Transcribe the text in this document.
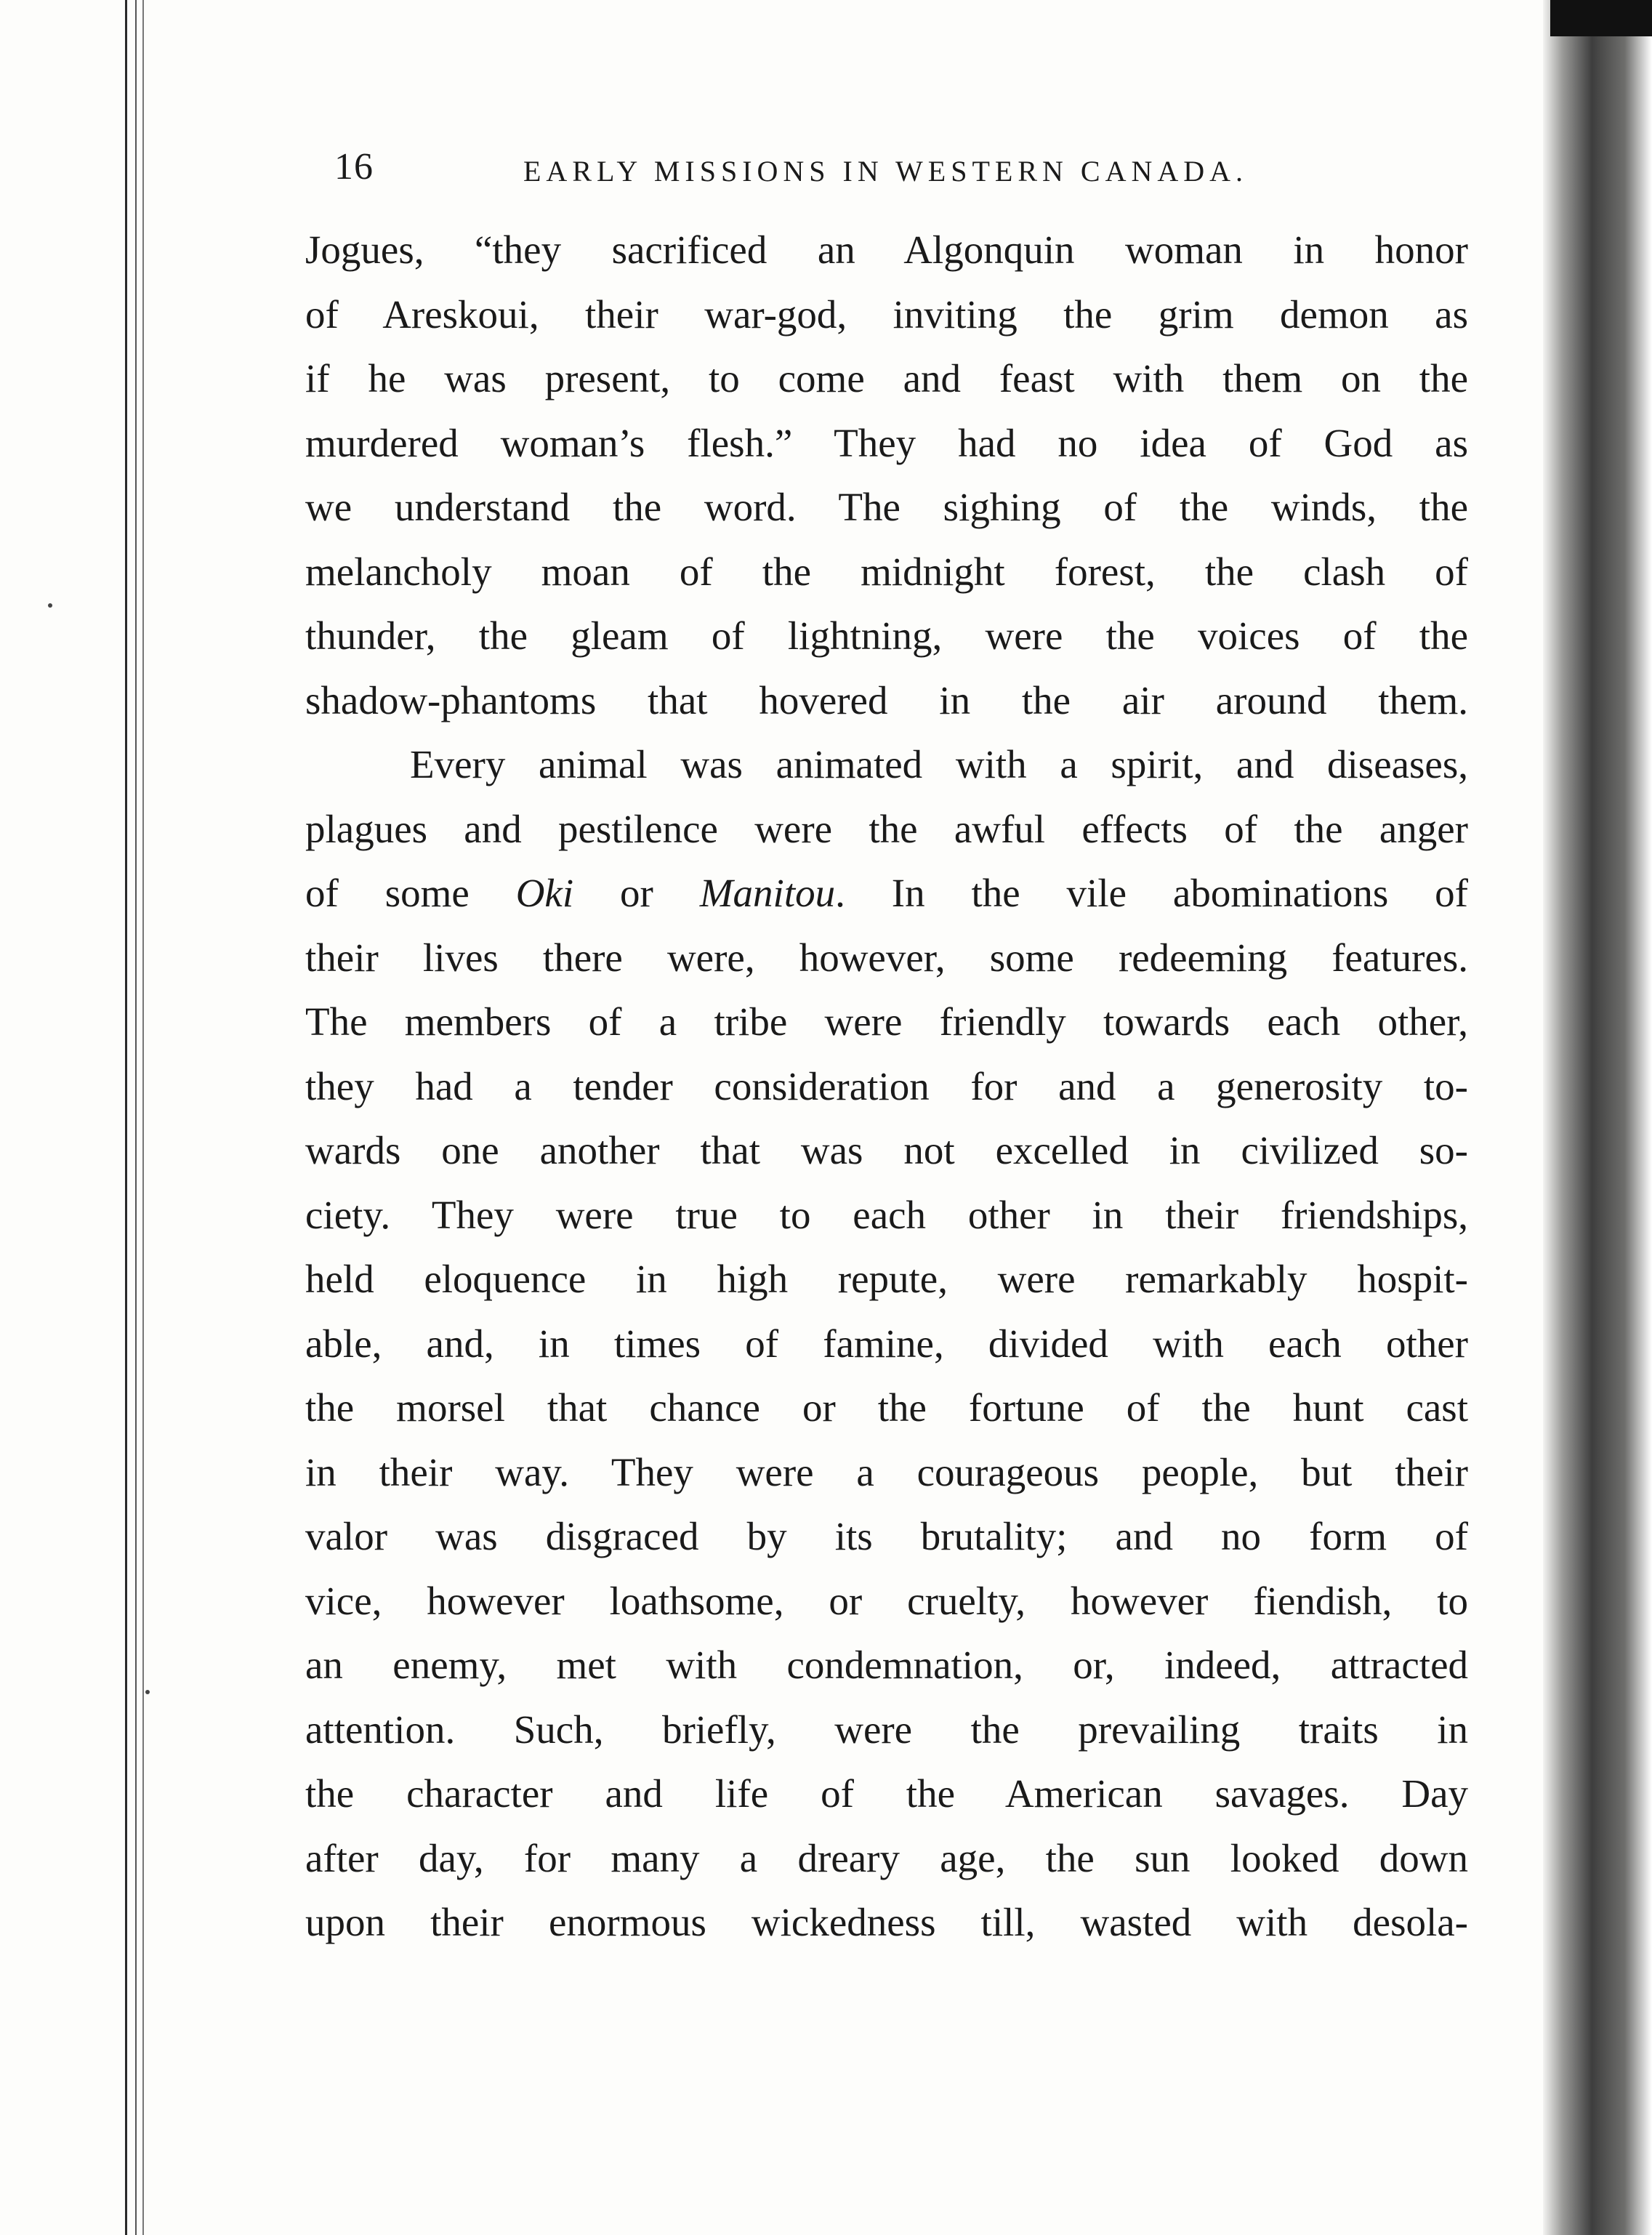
16	EARLY MISSIONS IN WESTERN CANADA.

Jogues, “they sacrificed an Algonquin woman in honor
of Areskoui, their war-god, inviting the grim demon as
if he was present, to come and feast with them on the
murdered woman’s flesh.” They had no idea of God as
we understand the word. The sighing of the winds, the
melancholy moan of the midnight forest, the clash of
thunder, the gleam of lightning, were the voices of the
shadow-phantoms that hovered in the air around them.

Every animal was animated with a spirit, and diseases,
plagues and pestilence were the awful effects of the anger
of some Oki or Manitou. In the vile abominations of
their lives there were, however, some redeeming features.
The members of a tribe were friendly towards each other,
they had a tender consideration for and a generosity to-
wards one another that was not excelled in civilized so-
ciety. They were true to each other in their friendships,
held eloquence in high repute, were remarkably hospit-
able, and, in times of famine, divided with each other
the morsel that chance or the fortune of the hunt cast
in their way. They were a courageous people, but their
valor was disgraced by its brutality; and no form of
vice, however loathsome, or cruelty, however fiendish, to
an enemy, met with condemnation, or, indeed, attracted
attention. Such, briefly, were the prevailing traits in
the character and life of the American savages. Day
after day, for many a dreary age, the sun looked down
upon their enormous wickedness till, wasted with desola-
